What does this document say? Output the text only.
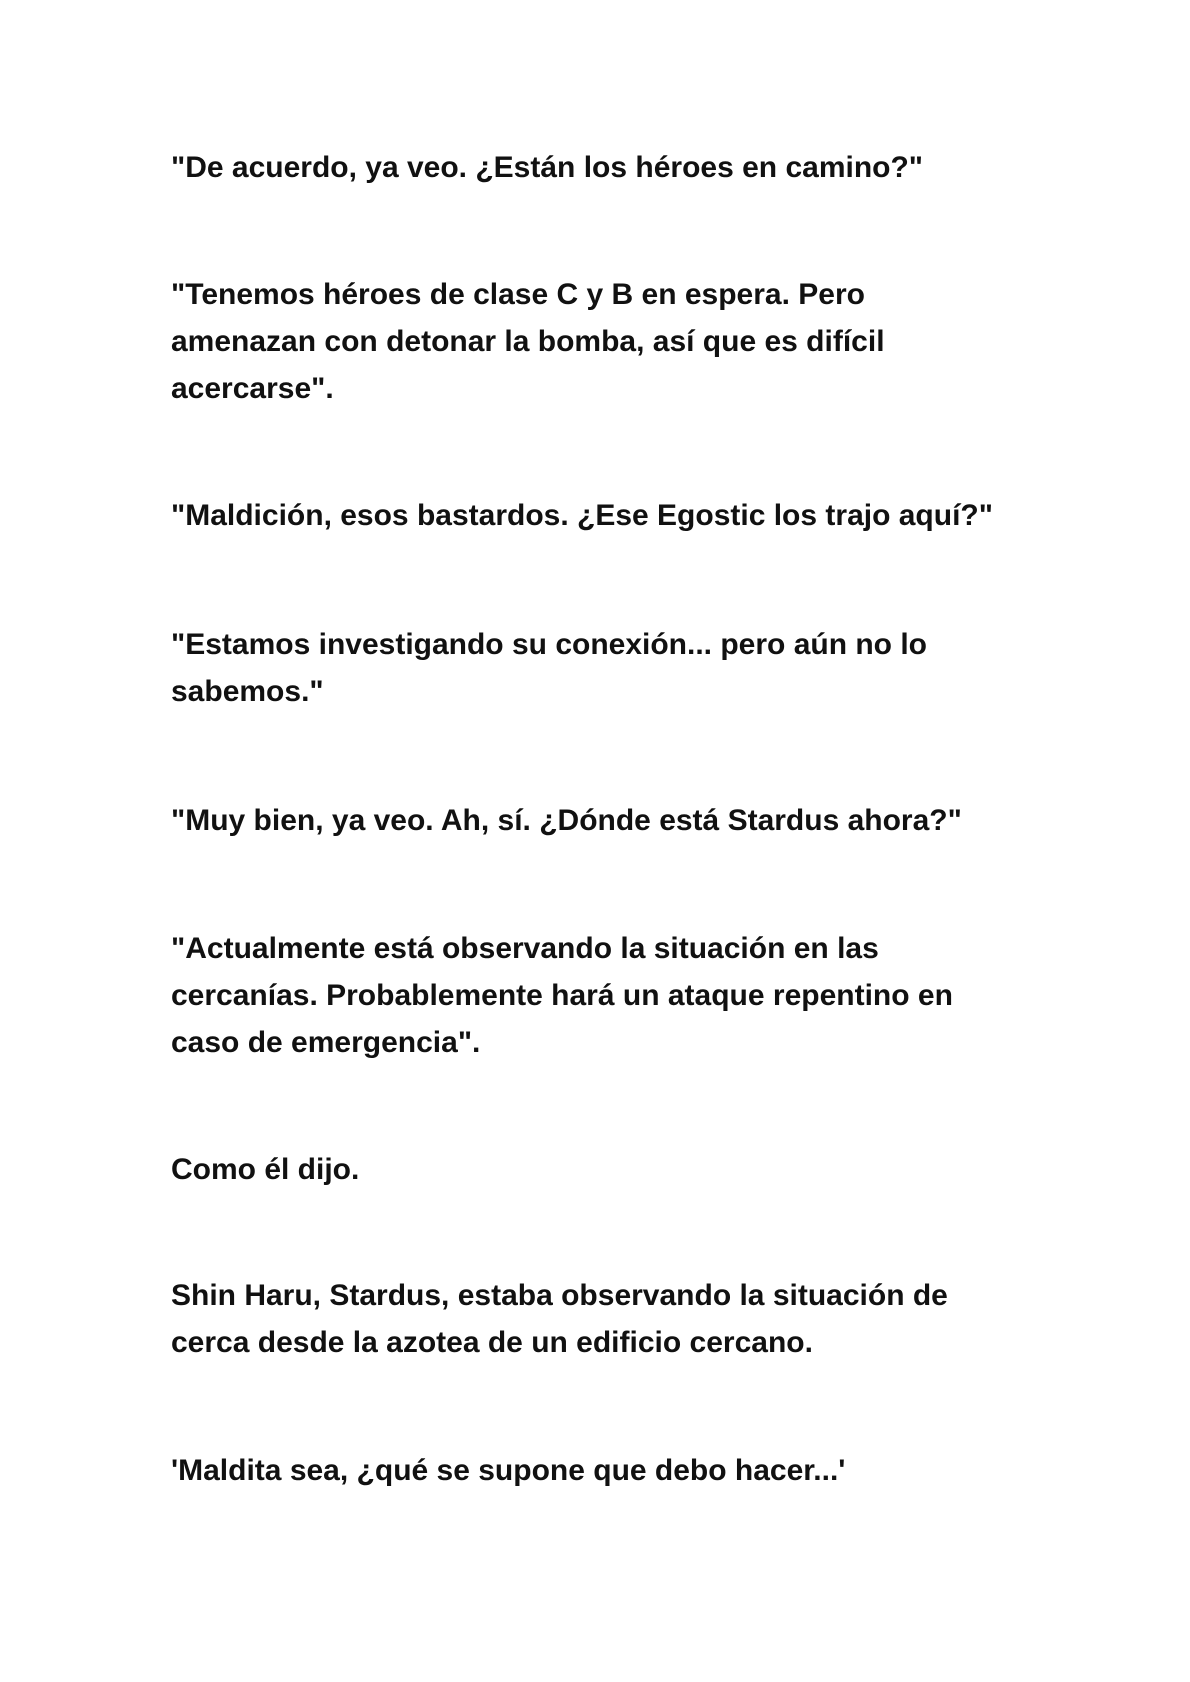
"De acuerdo, ya veo. ¿Están los héroes en camino?"

"Tenemos héroes de clase C y B en espera. Pero
amenazan con detonar la bomba, así que es difícil
acercarse".

"Maldición, esos bastardos. ¿Ese Egostic los trajo aquí?"

"Estamos investigando su conexión... pero aún no lo
sabemos."

"Muy bien, ya veo. Ah, sí. ¿Dónde está Stardus ahora?"

"Actualmente está observando la situación en las
cercanías. Probablemente hará un ataque repentino en
caso de emergencia".

Como él dijo.

Shin Haru, Stardus, estaba observando la situación de
cerca desde la azotea de un edificio cercano.

'Maldita sea, ¿qué se supone que debo hacer...'
